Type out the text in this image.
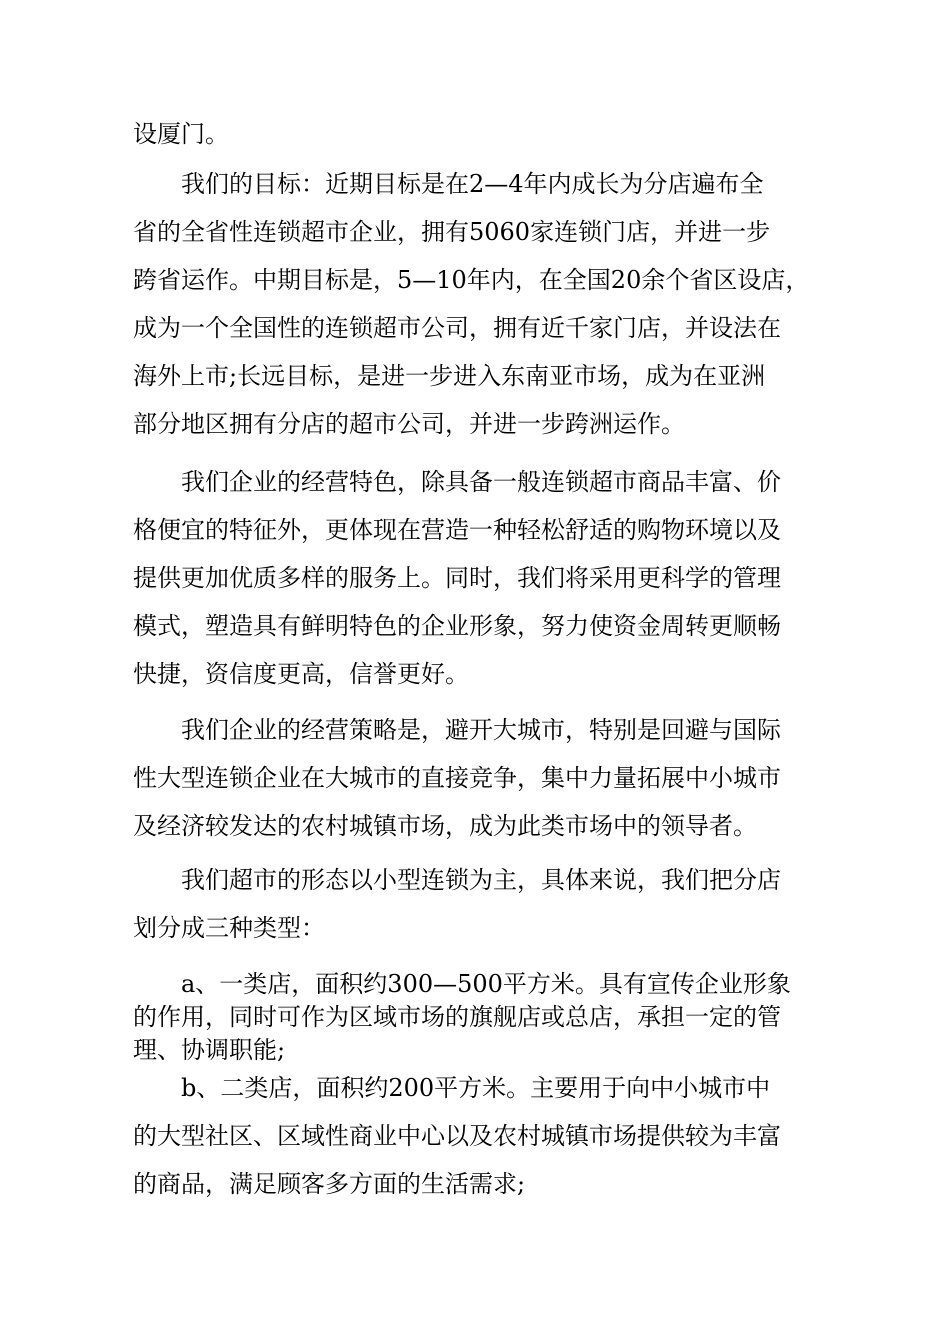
设厦门。

　　我们的目标：近期目标是在2—4年内成长为分店遍布全
省的全省性连锁超市企业，拥有5060家连锁门店，并进一步
跨省运作。中期目标是，5—10年内，在全国20余个省区设店，
成为一个全国性的连锁超市公司，拥有近千家门店，并设法在
海外上市;长远目标，是进一步进入东南亚市场，成为在亚洲
部分地区拥有分店的超市公司，并进一步跨洲运作。

　　我们企业的经营特色，除具备一般连锁超市商品丰富、价
格便宜的特征外，更体现在营造一种轻松舒适的购物环境以及
提供更加优质多样的服务上。同时，我们将采用更科学的管理
模式，塑造具有鲜明特色的企业形象，努力使资金周转更顺畅
快捷，资信度更高，信誉更好。

　　我们企业的经营策略是，避开大城市，特别是回避与国际
性大型连锁企业在大城市的直接竞争，集中力量拓展中小城市
及经济较发达的农村城镇市场，成为此类市场中的领导者。

　　我们超市的形态以小型连锁为主，具体来说，我们把分店
划分成三种类型：

　　a、一类店，面积约300—500平方米。具有宣传企业形象
的作用，同时可作为区域市场的旗舰店或总店，承担一定的管
理、协调职能;

　　b、二类店，面积约200平方米。主要用于向中小城市中
的大型社区、区域性商业中心以及农村城镇市场提供较为丰富
的商品，满足顾客多方面的生活需求;
